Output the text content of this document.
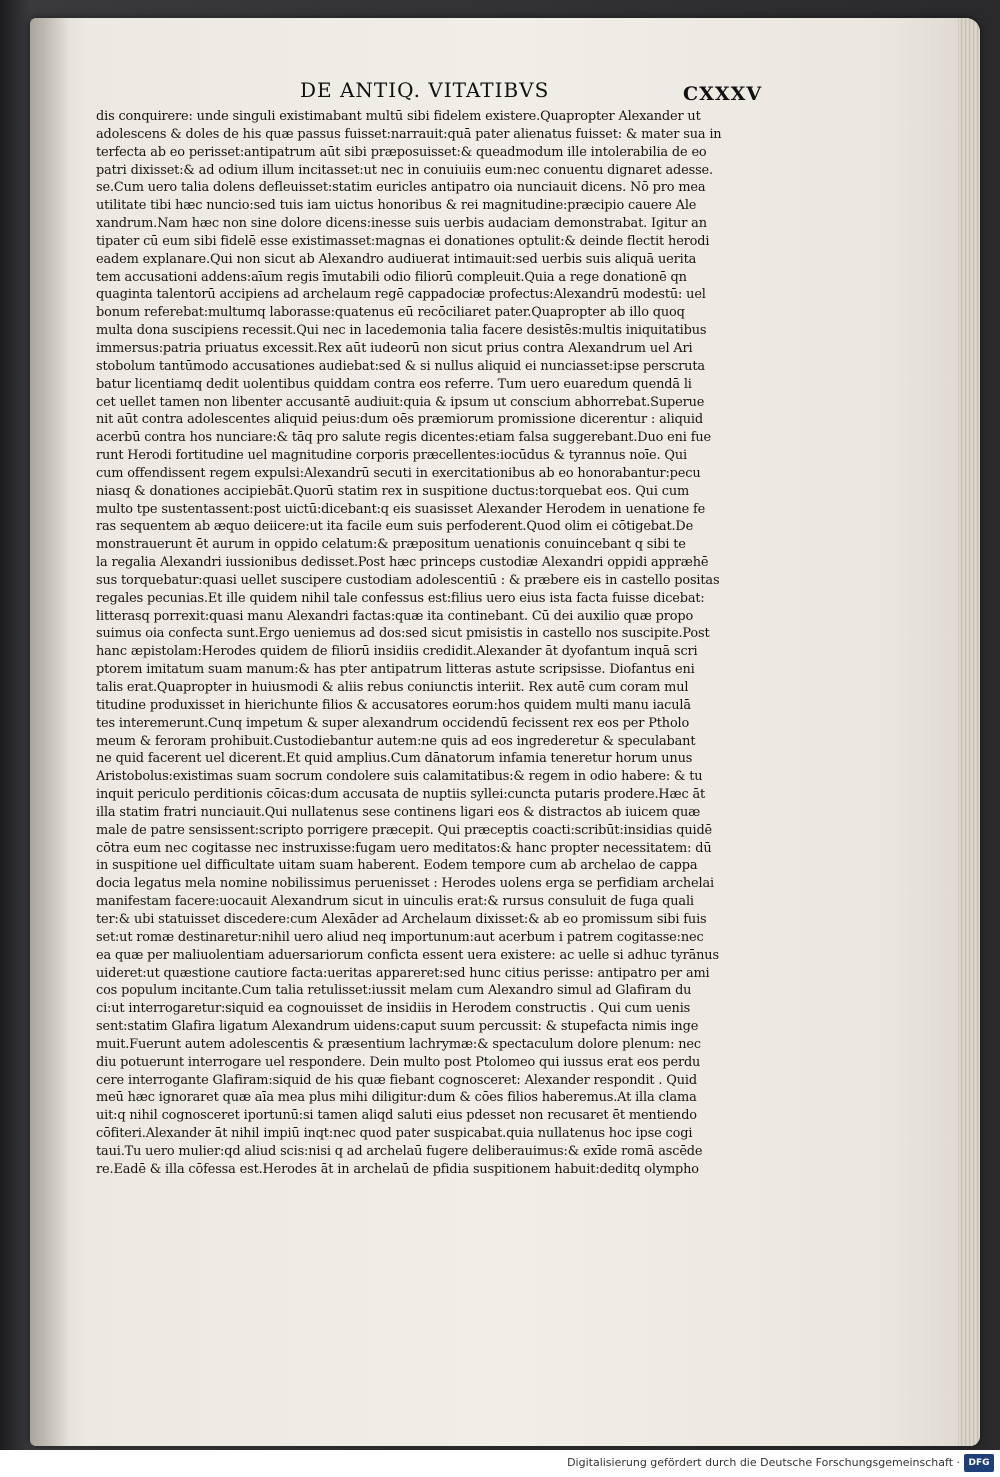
DE ANTIQ. VITATIBVS	CXXXV
dis conquirere: unde singuli existimabant multū sibi fidelem existere.Quapropter Alexander ut
adolescens & doles de his quæ passus fuisset:narrauit:quā pater alienatus fuisset: & mater sua in
terfecta ab eo perisset:antipatrum aūt sibi præposuisset:& queadmodum ille intolerabilia de eo
patri dixisset:& ad odium illum incitasset:ut nec in conuiuiis eum:nec conuentu dignaret adesse.
se.Cum uero talia dolens defleuisset:statim euricles antipatro oia nunciauit dicens. Nō pro mea
utilitate tibi hæc nuncio:sed tuis iam uictus honoribus & rei magnitudine:præcipio cauere Ale
xandrum.Nam hæc non sine dolore dicens:inesse suis uerbis audaciam demonstrabat. Igitur an
tipater cū eum sibi fidelē esse existimasset:magnas ei donationes optulit:& deinde flectit herodi
eadem explanare.Qui non sicut ab Alexandro audiuerat intimauit:sed uerbis suis aliquā uerita
tem accusationi addens:aīum regis īmutabili odio filiorū compleuit.Quia a rege donationē qn
quaginta talentorū accipiens ad archelaum regē cappadociæ profectus:Alexandrū modestū: uel
bonum referebat:multumq laborasse:quatenus eū recōciliaret pater.Quapropter ab illo quoq
multa dona suscipiens recessit.Qui nec in lacedemonia talia facere desistēs:multis iniquitatibus
immersus:patria priuatus excessit.Rex aūt iudeorū non sicut prius contra Alexandrum uel Ari
stobolum tantūmodo accusationes audiebat:sed & si nullus aliquid ei nunciasset:ipse perscruta
batur licentiamq dedit uolentibus quiddam contra eos referre. Tum uero euaredum quendā li
cet uellet tamen non libenter accusantē audiuit:quia & ipsum ut conscium abhorrebat.Superue
nit aūt contra adolescentes aliquid peius:dum oēs præmiorum promissione dicerentur : aliquid
acerbū contra hos nunciare:& tāq pro salute regis dicentes:etiam falsa suggerebant.Duo eni fue
runt Herodi fortitudine uel magnitudine corporis præcellentes:iocūdus & tyrannus noīe. Qui
cum offendissent regem expulsi:Alexandrū secuti in exercitationibus ab eo honorabantur:pecu
niasq & donationes accipiebāt.Quorū statim rex in suspitione ductus:torquebat eos. Qui cum
multo tpe sustentassent:post uictū:dicebant:q eis suasisset Alexander Herodem in uenatione fe
ras sequentem ab æquo deiicere:ut ita facile eum suis perfoderent.Quod olim ei cōtigebat.De
monstrauerunt ēt aurum in oppido celatum:& præpositum uenationis conuincebant q sibi te
la regalia Alexandri iussionibus dedisset.Post hæc princeps custodiæ Alexandri oppidi appræhē
sus torquebatur:quasi uellet suscipere custodiam adolescentiū : & præbere eis in castello positas
regales pecunias.Et ille quidem nihil tale confessus est:filius uero eius ista facta fuisse dicebat:
litterasq porrexit:quasi manu Alexandri factas:quæ ita continebant. Cū dei auxilio quæ propo
suimus oia confecta sunt.Ergo ueniemus ad dos:sed sicut pmisistis in castello nos suscipite.Post
hanc æpistolam:Herodes quidem de filiorū insidiis credidit.Alexander āt dyofantum inquā scri
ptorem imitatum suam manum:& has pter antipatrum litteras astute scripsisse. Diofantus eni
talis erat.Quapropter in huiusmodi & aliis rebus coniunctis interiit. Rex autē cum coram mul
titudine produxisset in hierichunte filios & accusatores eorum:hos quidem multi manu iaculā
tes interemerunt.Cunq impetum & super alexandrum occidendū fecissent rex eos per Ptholo
meum & feroram prohibuit.Custodiebantur autem:ne quis ad eos ingrederetur & speculabant
ne quid facerent uel dicerent.Et quid amplius.Cum dānatorum infamia teneretur horum unus
Aristobolus:existimas suam socrum condolere suis calamitatibus:& regem in odio habere: & tu
inquit periculo perditionis cōicas:dum accusata de nuptiis syllei:cuncta putaris prodere.Hæc āt
illa statim fratri nunciauit.Qui nullatenus sese continens ligari eos & distractos ab iuicem quæ
male de patre sensissent:scripto porrigere præcepit. Qui præceptis coacti:scribūt:insidias quidē
cōtra eum nec cogitasse nec instruxisse:fugam uero meditatos:& hanc propter necessitatem: dū
in suspitione uel difficultate uitam suam haberent. Eodem tempore cum ab archelao de cappa
docia legatus mela nomine nobilissimus peruenisset : Herodes uolens erga se perfidiam archelai
manifestam facere:uocauit Alexandrum sicut in uinculis erat:& rursus consuluit de fuga quali
ter:& ubi statuisset discedere:cum Alexāder ad Archelaum dixisset:& ab eo promissum sibi fuis
set:ut romæ destinaretur:nihil uero aliud neq importunum:aut acerbum i patrem cogitasse:nec
ea quæ per maliuolentiam aduersariorum conficta essent uera existere: ac uelle si adhuc tyrānus
uideret:ut quæstione cautiore facta:ueritas appareret:sed hunc citius perisse: antipatro per ami
cos populum incitante.Cum talia retulisset:iussit melam cum Alexandro simul ad Glafiram du
ci:ut interrogaretur:siquid ea cognouisset de insidiis in Herodem constructis . Qui cum uenis
sent:statim Glafira ligatum Alexandrum uidens:caput suum percussit: & stupefacta nimis inge
muit.Fuerunt autem adolescentis & præsentium lachrymæ:& spectaculum dolore plenum: nec
diu potuerunt interrogare uel respondere. Dein multo post Ptolomeo qui iussus erat eos perdu
cere interrogante Glafiram:siquid de his quæ fiebant cognosceret: Alexander respondit . Quid
meū hæc ignoraret quæ aīa mea plus mihi diligitur:dum & cōes filios haberemus.At illa clama
uit:q nihil cognosceret iportunū:si tamen aliqd saluti eius pdesset non recusaret ēt mentiendo
cōfiteri.Alexander āt nihil impiū inqt:nec quod pater suspicabat.quia nullatenus hoc ipse cogi
taui.Tu uero mulier:qd aliud scis:nisi q ad archelaū fugere deliberauimus:& exīde romā ascēde
re.Eadē & illa cōfessa est.Herodes āt in archelaū de pfidia suspitionem habuit:deditq olympho
Digitalisierung gefördert durch die Deutsche Forschungsgemeinschaft · DFG
